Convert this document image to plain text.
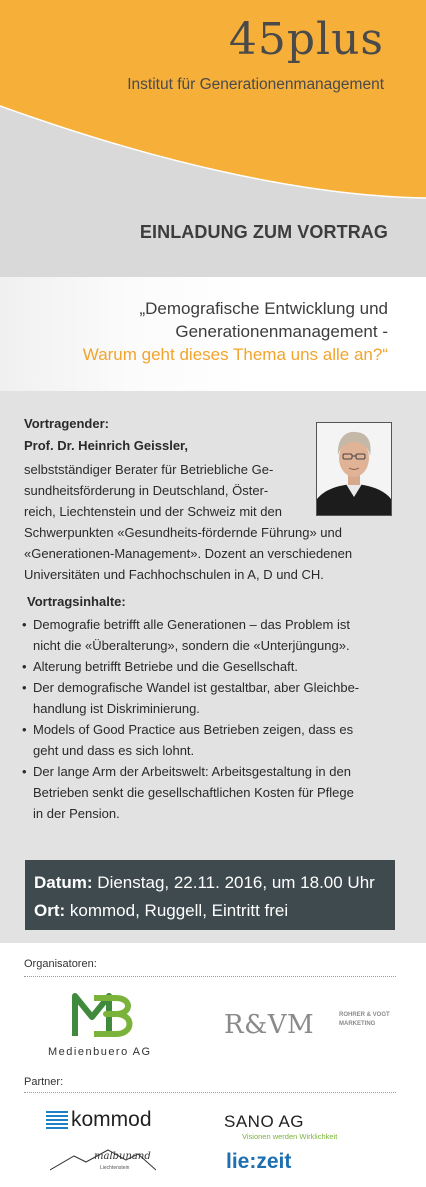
45plus
Institut für Generationenmanagement
EINLADUNG ZUM VORTRAG
„Demografische Entwicklung und
Generationenmanagement -
Warum geht dieses Thema uns alle an?“
Vortragender:
Prof. Dr. Heinrich Geissler,
selbstständiger Berater für Betriebliche Ge-
sundheitsförderung in Deutschland, Öster-
reich, Liechtenstein und der Schweiz mit den
Schwerpunkten «Gesundheits-fördernde Führung» und
«Generationen-Management». Dozent an verschiedenen
Universitäten und Fachhochschulen in A, D und CH.
Vortragsinhalte:
• Demografie betrifft alle Generationen – das Problem ist
nicht die «Überalterung», sondern die «Unterjüngung».
• Alterung betrifft Betriebe und die Gesellschaft.
• Der demografische Wandel ist gestaltbar, aber Gleichbe-
handlung ist Diskriminierung.
• Models of Good Practice aus Betrieben zeigen, dass es
geht und dass es sich lohnt.
• Der lange Arm der Arbeitswelt: Arbeitsgestaltung in den
Betrieben senkt die gesellschaftlichen Kosten für Pflege
in der Pension.
Datum: Dienstag, 22.11. 2016, um 18.00 Uhr
Ort: kommod, Ruggell, Eintritt frei
Organisatoren:
Medienbuero AG
R&VM	ROHRER & VOGT
MARKETING
Partner:
kommod	SANO AG
Visionen werden Wirklichkeit
malbunand
Liechtenstein	lie:zeit
